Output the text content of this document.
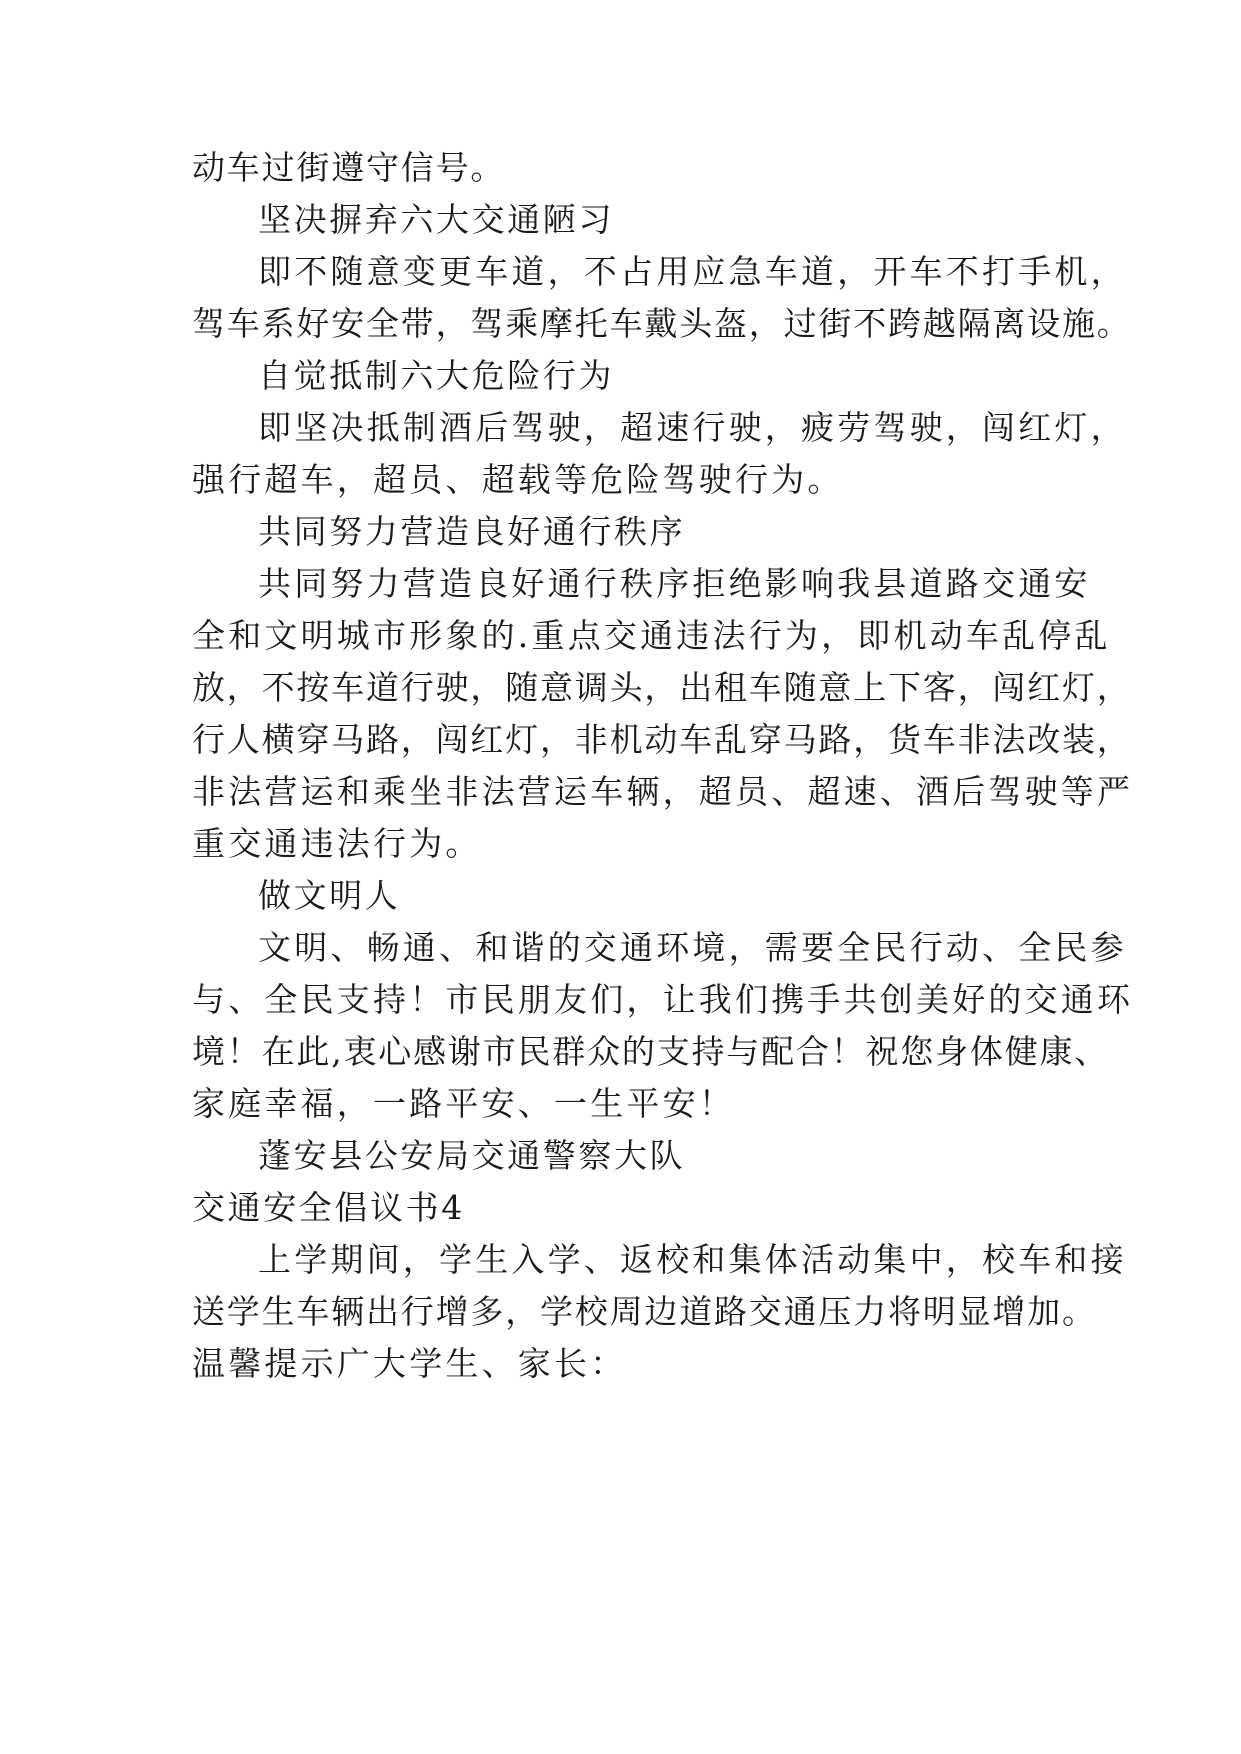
动车过街遵守信号。
坚决摒弃六大交通陋习
即不随意变更车道，不占用应急车道，开车不打手机，
驾车系好安全带，驾乘摩托车戴头盔，过街不跨越隔离设施。
自觉抵制六大危险行为
即坚决抵制酒后驾驶，超速行驶，疲劳驾驶，闯红灯，
强行超车，超员、超载等危险驾驶行为。
共同努力营造良好通行秩序
共同努力营造良好通行秩序拒绝影响我县道路交通安
全和文明城市形象的.重点交通违法行为，即机动车乱停乱
放，不按车道行驶，随意调头，出租车随意上下客，闯红灯，
行人横穿马路，闯红灯，非机动车乱穿马路，货车非法改装，
非法营运和乘坐非法营运车辆，超员、超速、酒后驾驶等严
重交通违法行为。
做文明人
文明、畅通、和谐的交通环境，需要全民行动、全民参
与、全民支持！市民朋友们，让我们携手共创美好的交通环
境！在此,衷心感谢市民群众的支持与配合！祝您身体健康、
家庭幸福，一路平安、一生平安！
蓬安县公安局交通警察大队
交通安全倡议书4
上学期间，学生入学、返校和集体活动集中，校车和接
送学生车辆出行增多，学校周边道路交通压力将明显增加。
温馨提示广大学生、家长：
